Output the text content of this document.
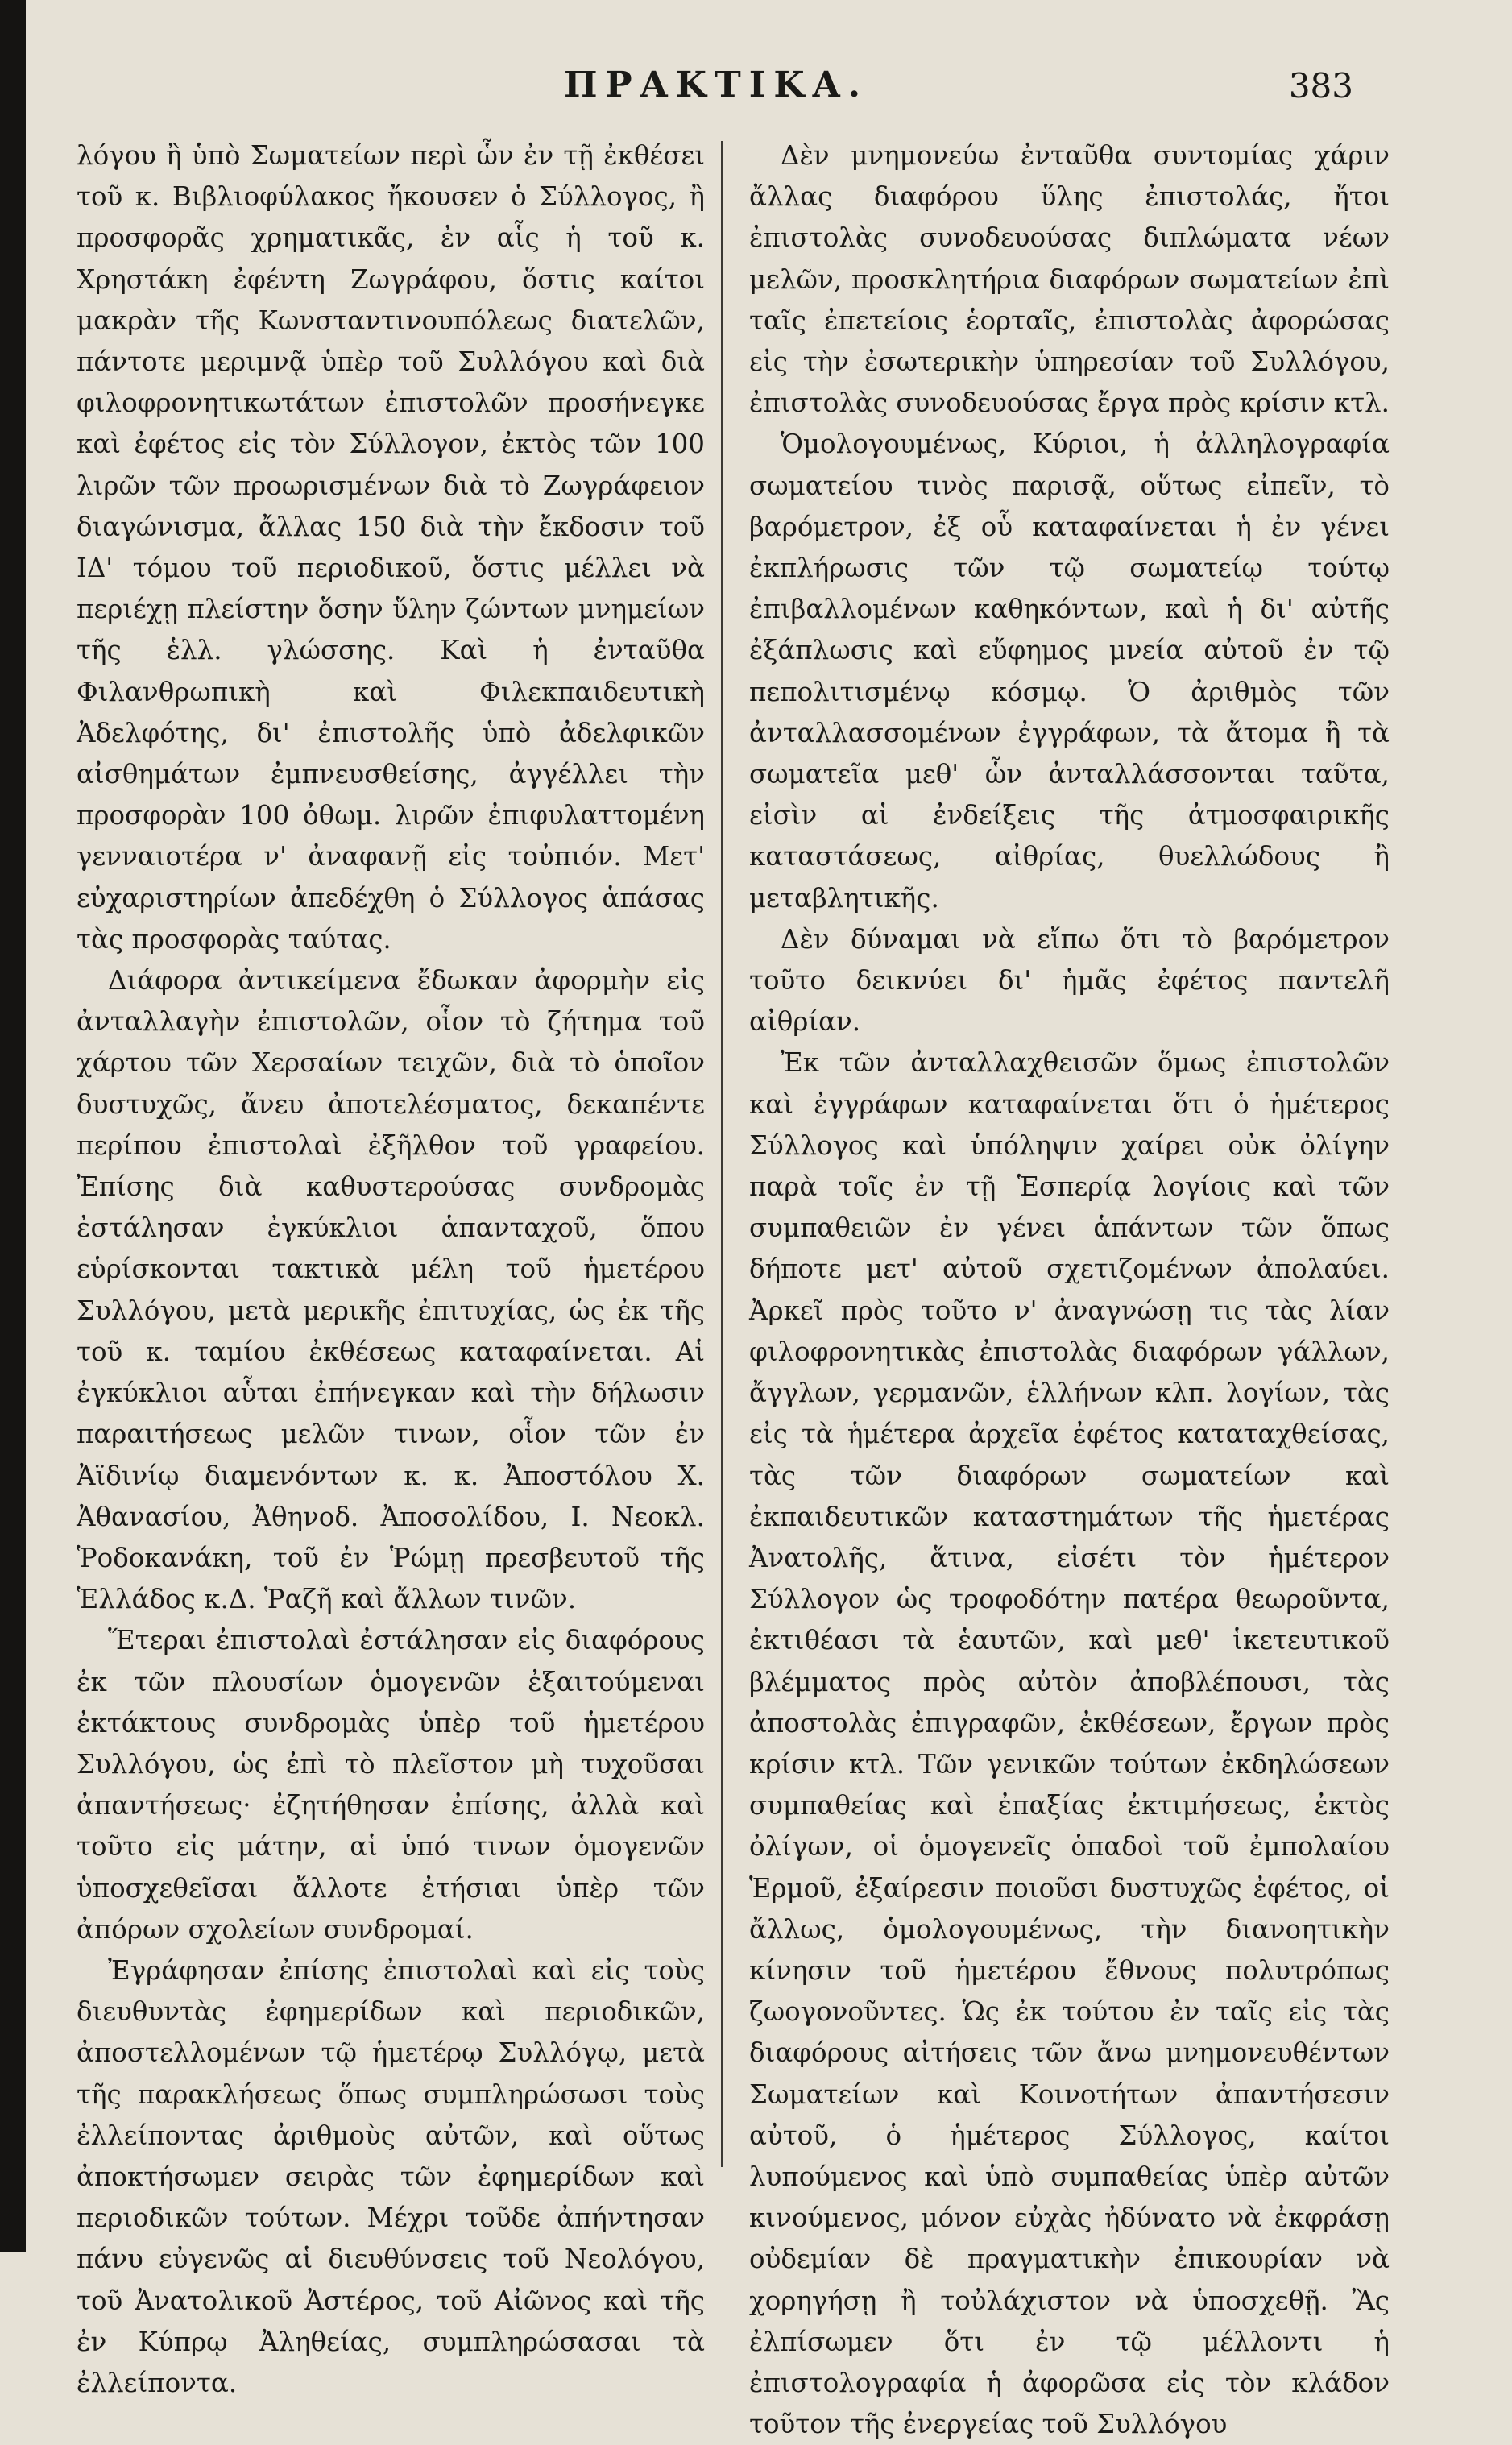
ΠΡΑΚΤΙΚΑ.	383

λόγου ἢ ὑπὸ Σωματείων περὶ ὧν ἐν τῇ ἐκθέσει τοῦ κ. Βιβλιοφύλακος ἤκουσεν ὁ Σύλλογος, ἢ προσφορᾶς χρηματικᾶς, ἐν αἷς ἡ τοῦ κ. Χρηστάκη ἐφέντη Ζωγράφου, ὅστις καίτοι μακρὰν τῆς Κωνσταντινουπόλεως διατελῶν, πάντοτε μεριμνᾷ ὑπὲρ τοῦ Συλλόγου καὶ διὰ φιλοφρονητικωτάτων ἐπιστολῶν προσήνεγκε καὶ ἐφέτος εἰς τὸν Σύλλογον, ἐκτὸς τῶν 100 λιρῶν τῶν προωρισμένων διὰ τὸ Ζωγράφειον διαγώνισμα, ἄλλας 150 διὰ τὴν ἔκδοσιν τοῦ ΙΔ' τόμου τοῦ περιοδικοῦ, ὅστις μέλλει νὰ περιέχῃ πλείστην ὅσην ὕλην ζώντων μνημείων τῆς ἑλλ. γλώσσης. Καὶ ἡ ἐνταῦθα Φιλανθρωπικὴ καὶ Φιλεκπαιδευτικὴ Ἀδελφότης, δι' ἐπιστολῆς ὑπὸ ἀδελφικῶν αἰσθημάτων ἐμπνευσθείσης, ἀγγέλλει τὴν προσφορὰν 100 ὀθωμ. λιρῶν ἐπιφυλαττομένη γενναιοτέρα ν' ἀναφανῇ εἰς τοὐπιόν. Μετ' εὐχαριστηρίων ἀπεδέχθη ὁ Σύλλογος ἁπάσας τὰς προσφορὰς ταύτας.

Διάφορα ἀντικείμενα ἔδωκαν ἀφορμὴν εἰς ἀνταλλαγὴν ἐπιστολῶν, οἷον τὸ ζήτημα τοῦ χάρτου τῶν Χερσαίων τειχῶν, διὰ τὸ ὁποῖον δυστυχῶς, ἄνευ ἀποτελέσματος, δεκαπέντε περίπου ἐπιστολαὶ ἐξῆλθον τοῦ γραφείου. Ἐπίσης διὰ καθυστερούσας συνδρομὰς ἐστάλησαν ἐγκύκλιοι ἁπανταχοῦ, ὅπου εὑρίσκονται τακτικὰ μέλη τοῦ ἡμετέρου Συλλόγου, μετὰ μερικῆς ἐπιτυχίας, ὡς ἐκ τῆς τοῦ κ. ταμίου ἐκθέσεως καταφαίνεται. Αἱ ἐγκύκλιοι αὗται ἐπήνεγκαν καὶ τὴν δήλωσιν παραιτήσεως μελῶν τινων, οἷον τῶν ἐν Ἀϊδινίῳ διαμενόντων κ. κ. Ἀποστόλου Χ. Ἀθανασίου, Ἀθηνοδ. Ἀποσολίδου, Ι. Νεοκλ. Ῥοδοκανάκη, τοῦ ἐν Ῥώμῃ πρεσβευτοῦ τῆς Ἑλλάδος κ.Δ. Ῥαζῆ καὶ ἄλλων τινῶν.

Ἕτεραι ἐπιστολαὶ ἐστάλησαν εἰς διαφόρους ἐκ τῶν πλουσίων ὁμογενῶν ἐξαιτούμεναι ἐκτάκτους συνδρομὰς ὑπὲρ τοῦ ἡμετέρου Συλλόγου, ὡς ἐπὶ τὸ πλεῖστον μὴ τυχοῦσαι ἀπαντήσεως· ἐζητήθησαν ἐπίσης, ἀλλὰ καὶ τοῦτο εἰς μάτην, αἱ ὑπό τινων ὁμογενῶν ὑποσχεθεῖσαι ἄλλοτε ἐτήσιαι ὑπὲρ τῶν ἀπόρων σχολείων συνδρομαί.

Ἐγράφησαν ἐπίσης ἐπιστολαὶ καὶ εἰς τοὺς διευθυντὰς ἐφημερίδων καὶ περιοδικῶν, ἀποστελλομένων τῷ ἡμετέρῳ Συλλόγῳ, μετὰ τῆς παρακλήσεως ὅπως συμπληρώσωσι τοὺς ἐλλείποντας ἀριθμοὺς αὐτῶν, καὶ οὕτως ἀποκτήσωμεν σειρὰς τῶν ἐφημερίδων καὶ περιοδικῶν τούτων. Μέχρι τοῦδε ἀπήντησαν πάνυ εὐγενῶς αἱ διευθύνσεις τοῦ Νεολόγου, τοῦ Ἀνατολικοῦ Ἀστέρος, τοῦ Αἰῶνος καὶ τῆς ἐν Κύπρῳ Ἀληθείας, συμπληρώσασαι τὰ ἐλλείποντα.

Δὲν μνημονεύω ἐνταῦθα συντομίας χάριν ἄλλας διαφόρου ὕλης ἐπιστολάς, ἤτοι ἐπιστολὰς συνοδευούσας διπλώματα νέων μελῶν, προσκλητήρια διαφόρων σωματείων ἐπὶ ταῖς ἐπετείοις ἑορταῖς, ἐπιστολὰς ἀφορώσας εἰς τὴν ἐσωτερικὴν ὑπηρεσίαν τοῦ Συλλόγου, ἐπιστολὰς συνοδευούσας ἔργα πρὸς κρίσιν κτλ.

Ὁμολογουμένως, Κύριοι, ἡ ἀλληλογραφία σωματείου τινὸς παρισᾷ, οὕτως εἰπεῖν, τὸ βαρόμετρον, ἐξ οὗ καταφαίνεται ἡ ἐν γένει ἐκπλήρωσις τῶν τῷ σωματείῳ τούτῳ ἐπιβαλλομένων καθηκόντων, καὶ ἡ δι' αὐτῆς ἐξάπλωσις καὶ εὔφημος μνεία αὐτοῦ ἐν τῷ πεπολιτισμένῳ κόσμῳ. Ὁ ἀριθμὸς τῶν ἀνταλλασσομένων ἐγγράφων, τὰ ἄτομα ἢ τὰ σωματεῖα μεθ' ὧν ἀνταλλάσσονται ταῦτα, εἰσὶν αἱ ἐνδείξεις τῆς ἀτμοσφαιρικῆς καταστάσεως, αἰθρίας, θυελλώδους ἢ μεταβλητικῆς.

Δὲν δύναμαι νὰ εἴπω ὅτι τὸ βαρόμετρον τοῦτο δεικνύει δι' ἡμᾶς ἐφέτος παντελῆ αἰθρίαν.

Ἐκ τῶν ἀνταλλαχθεισῶν ὅμως ἐπιστολῶν καὶ ἐγγράφων καταφαίνεται ὅτι ὁ ἡμέτερος Σύλλογος καὶ ὑπόληψιν χαίρει οὐκ ὀλίγην παρὰ τοῖς ἐν τῇ Ἑσπερίᾳ λογίοις καὶ τῶν συμπαθειῶν ἐν γένει ἁπάντων τῶν ὅπως δήποτε μετ' αὐτοῦ σχετιζομένων ἀπολαύει. Ἀρκεῖ πρὸς τοῦτο ν' ἀναγνώσῃ τις τὰς λίαν φιλοφρονητικὰς ἐπιστολὰς διαφόρων γάλλων, ἄγγλων, γερμανῶν, ἑλλήνων κλπ. λογίων, τὰς εἰς τὰ ἡμέτερα ἀρχεῖα ἐφέτος καταταχθείσας, τὰς τῶν διαφόρων σωματείων καὶ ἐκπαιδευτικῶν καταστημάτων τῆς ἡμετέρας Ἀνατολῆς, ἅτινα, εἰσέτι τὸν ἡμέτερον Σύλλογον ὡς τροφοδότην πατέρα θεωροῦντα, ἐκτιθέασι τὰ ἑαυτῶν, καὶ μεθ' ἱκετευτικοῦ βλέμματος πρὸς αὐτὸν ἀποβλέπουσι, τὰς ἀποστολὰς ἐπιγραφῶν, ἐκθέσεων, ἔργων πρὸς κρίσιν κτλ. Τῶν γενικῶν τούτων ἐκδηλώσεων συμπαθείας καὶ ἐπαξίας ἐκτιμήσεως, ἐκτὸς ὀλίγων, οἱ ὁμογενεῖς ὁπαδοὶ τοῦ ἐμπολαίου Ἑρμοῦ, ἐξαίρεσιν ποιοῦσι δυστυχῶς ἐφέτος, οἱ ἄλλως, ὁμολογουμένως, τὴν διανοητικὴν κίνησιν τοῦ ἡμετέρου ἔθνους πολυτρόπως ζωογονοῦντες. Ὡς ἐκ τούτου ἐν ταῖς εἰς τὰς διαφόρους αἰτήσεις τῶν ἄνω μνημονευθέντων Σωματείων καὶ Κοινοτήτων ἀπαντήσεσιν αὐτοῦ, ὁ ἡμέτερος Σύλλογος, καίτοι λυπούμενος καὶ ὑπὸ συμπαθείας ὑπὲρ αὐτῶν κινούμενος, μόνον εὐχὰς ἠδύνατο νὰ ἐκφράσῃ οὐδεμίαν δὲ πραγματικὴν ἐπικουρίαν νὰ χορηγήσῃ ἢ τοὐλάχιστον νὰ ὑποσχεθῇ. Ἂς ἐλπίσωμεν ὅτι ἐν τῷ μέλλοντι ἡ ἐπιστολογραφία ἡ ἀφορῶσα εἰς τὸν κλάδον τοῦτον τῆς ἐνεργείας τοῦ Συλλόγου
